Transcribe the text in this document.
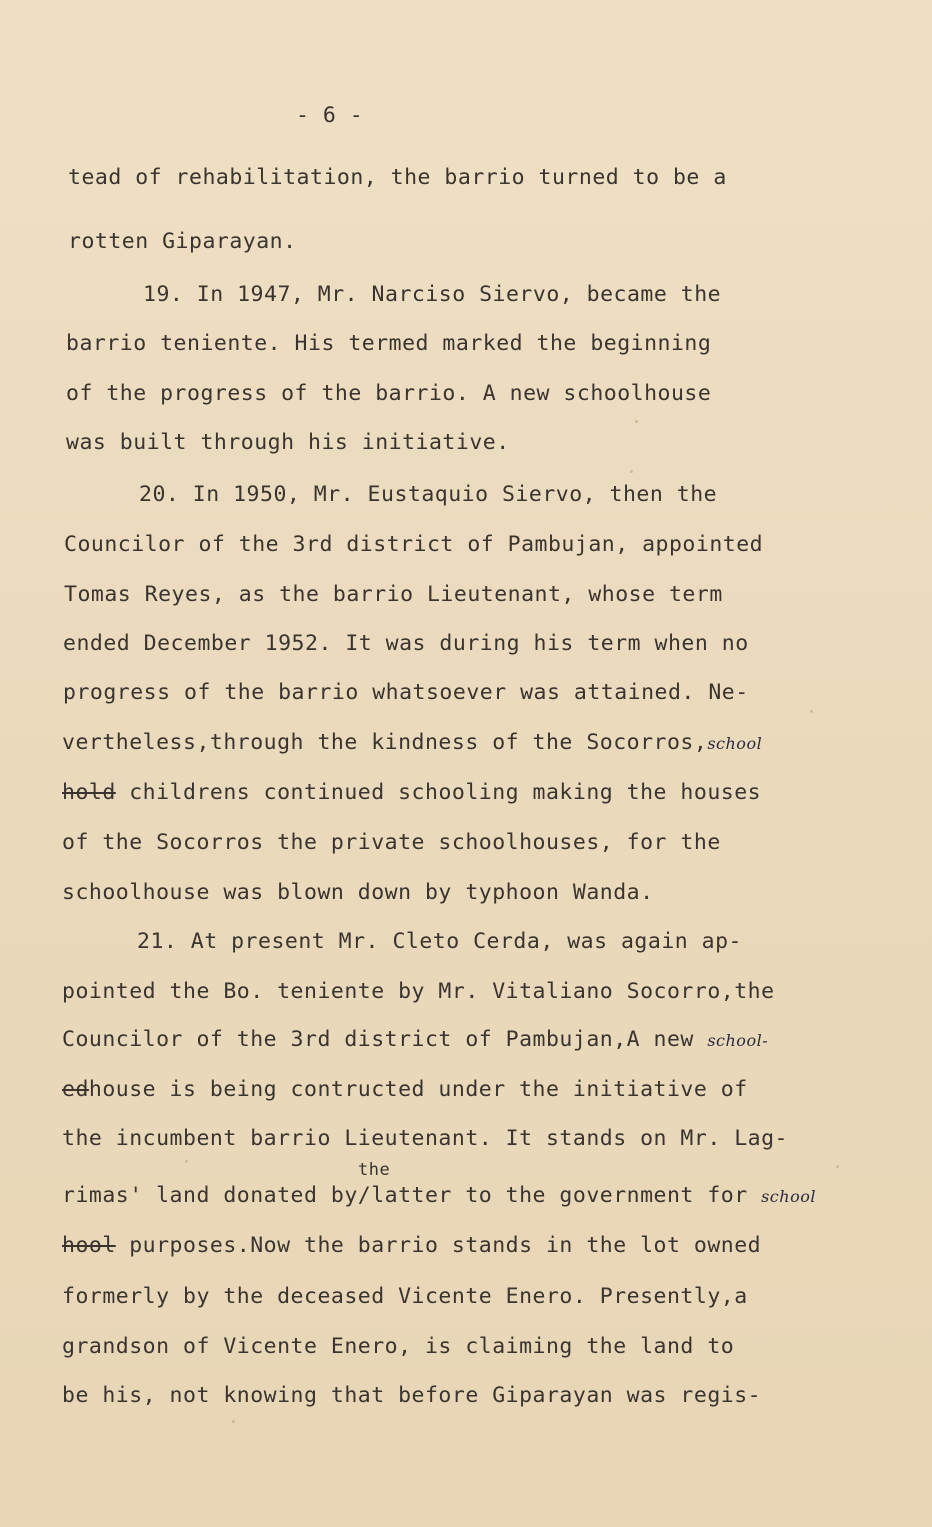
- 6 -

tead of rehabilitation, the barrio turned to be a

rotten Giparayan.

19. In 1947, Mr. Narciso Siervo, became the

barrio teniente. His termed marked the beginning

of the progress of the barrio. A new schoolhouse

was built through his initiative.

20. In 1950, Mr. Eustaquio Siervo, then the

Councilor of the 3rd district of Pambujan, appointed

Tomas Reyes, as the barrio Lieutenant, whose term

ended December 1952. It was during his term when no

progress of the barrio whatsoever was attained. Ne-

vertheless,through the kindness of the Socorros,school

hold childrens continued schooling making the houses

of the Socorros the private schoolhouses, for the

schoolhouse was blown down by typhoon Wanda.

21. At present Mr. Cleto Cerda, was again ap-

pointed the Bo. teniente by Mr. Vitaliano Socorro,the

Councilor of the 3rd district of Pambujan,A new school-

edhouse is being contructed under the initiative of

the incumbent barrio Lieutenant. It stands on Mr. Lag-

the

rimas' land donated by/latter to the government for school

hool purposes.Now the barrio stands in the lot owned

formerly by the deceased Vicente Enero. Presently,a

grandson of Vicente Enero, is claiming the land to

be his, not knowing that before Giparayan was regis-
